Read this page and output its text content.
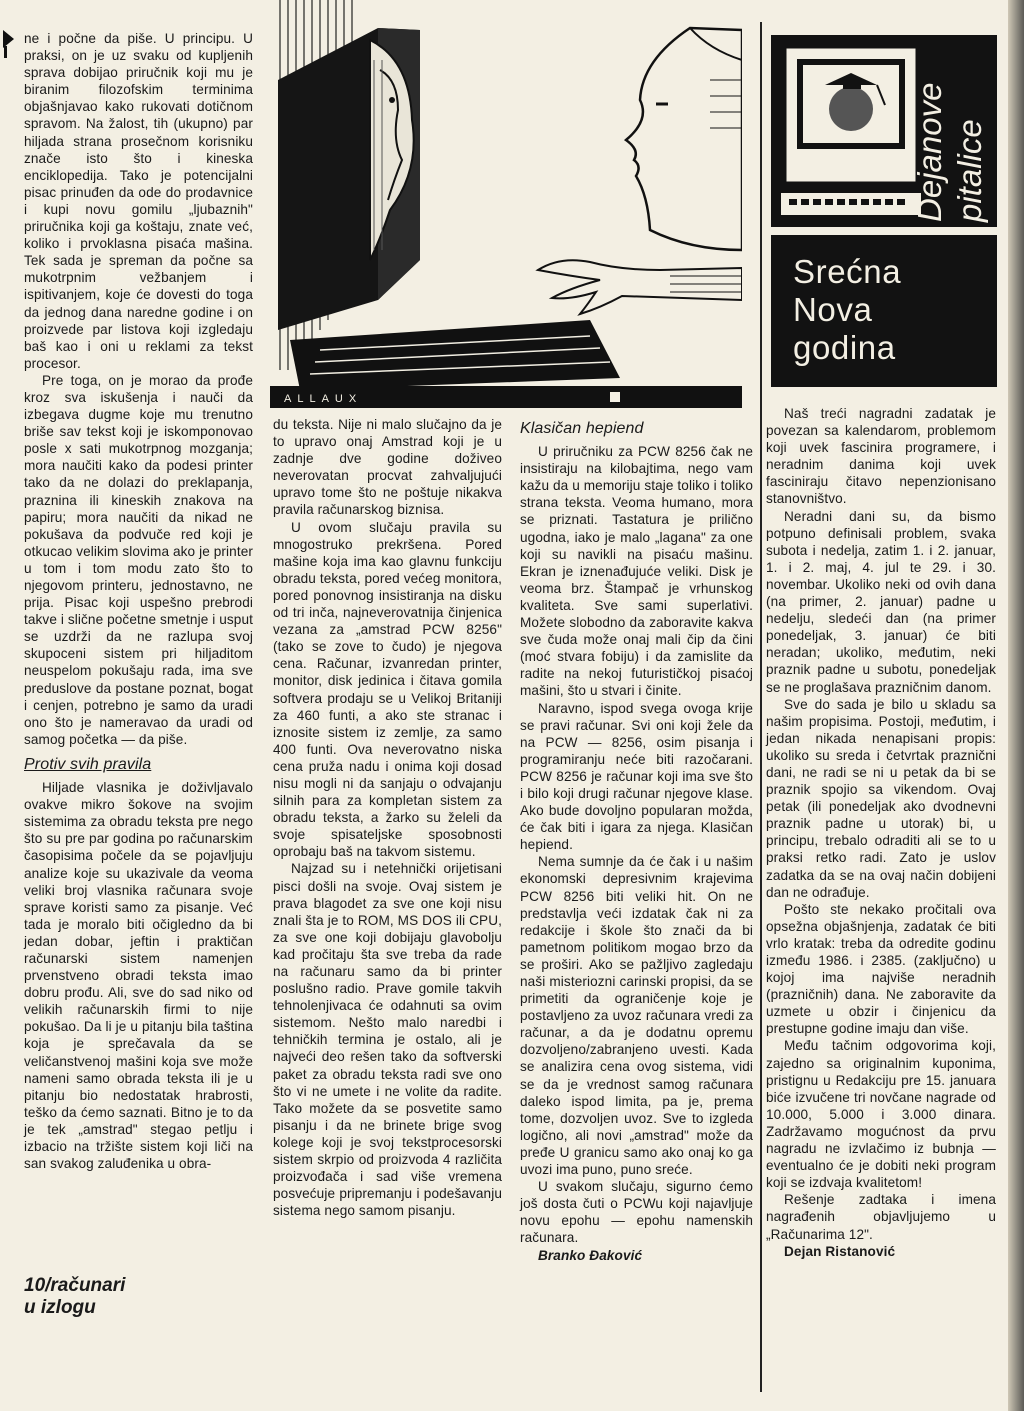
ALLAUX

ne i počne da piše. U principu. U praksi, on je uz svaku od kupljenih sprava dobijao priručnik koji mu je biranim filozofskim terminima objašnjavao kako rukovati dotičnom spravom. Na žalost, tih (ukupno) par hiljada strana prosečnom korisniku znače isto što i kineska enciklopedija. Tako je potencijalni pisac prinuđen da ode do prodavnice i kupi novu gomilu „ljubaznih" priručnika koji ga koštaju, znate već, koliko i prvoklasna pisaća mašina. Tek sada je spreman da počne sa mukotrpnim vežbanjem i ispitivanjem, koje će dovesti do toga da jednog dana naredne godine i on proizvede par listova koji izgledaju baš kao i oni u reklami za tekst procesor.

Pre toga, on je morao da prođe kroz sva iskušenja i nauči da izbegava dugme koje mu trenutno briše sav tekst koji je iskomponovao posle x sati mukotrpnog mozganja; mora naučiti kako da podesi printer tako da ne dolazi do preklapanja, praznina ili kineskih znakova na papiru; mora naučiti da nikad ne pokušava da podvuče red koji je otkucao velikim slovima ako je printer u tom i tom modu zato što to njegovom printeru, jednostavno, ne prija. Pisac koji uspešno prebrodi takve i slične početne smetnje i usput se uzdrži da ne razlupa svoj skupoceni sistem pri hiljaditom neuspelom pokušaju rada, ima sve preduslove da postane poznat, bogat i cenjen, potrebno je samo da uradi ono što je nameravao da uradi od samog početka — da piše.

Protiv svih pravila

Hiljade vlasnika je doživljavalo ovakve mikro šokove na svojim sistemima za obradu teksta pre nego što su pre par godina po računarskim časopisima počele da se pojavljuju analize koje su ukazivale da veoma veliki broj vlasnika računara svoje sprave koristi samo za pisanje. Već tada je moralo biti očigledno da bi jedan dobar, jeftin i praktičan računarski sistem namenjen prvenstveno obradi teksta imao dobru prođu. Ali, sve do sad niko od velikih računarskih firmi to nije pokušao. Da li je u pitanju bila taština koja je sprečavala da se veličanstvenoj mašini koja sve može nameni samo obrada teksta ili je u pitanju bio nedostatak hrabrosti, teško da ćemo saznati. Bitno je to da je tek „amstrad" stegao petlju i izbacio na tržište sistem koji liči na san svakog zaluđenika u obra-

10/računari
u izlogu

du teksta. Nije ni malo slučajno da je to upravo onaj Amstrad koji je u zadnje dve godine doživeo neverovatan procvat zahvaljujući upravo tome što ne poštuje nikakva pravila računarskog biznisa.

U ovom slučaju pravila su mnogostruko prekršena. Pored mašine koja ima kao glavnu funkciju obradu teksta, pored većeg monitora, pored ponovnog insistiranja na disku od tri inča, najneverovatnija činjenica vezana za „amstrad PCW 8256" (tako se zove to čudo) je njegova cena. Računar, izvanredan printer, monitor, disk jedinica i čitava gomila softvera prodaju se u Velikoj Britaniji za 460 funti, a ako ste stranac i iznosite sistem iz zemlje, za samo 400 funti. Ova neverovatno niska cena pruža nadu i onima koji dosad nisu mogli ni da sanjaju o odvajanju silnih para za kompletan sistem za obradu teksta, a žarko su želeli da svoje spisateljske sposobnosti oprobaju baš na takvom sistemu.

Najzad su i netehnički orijetisani pisci došli na svoje. Ovaj sistem je prava blagodet za sve one koji nisu znali šta je to ROM, MS DOS ili CPU, za sve one koji dobijaju glavobolju kad pročitaju šta sve treba da rade na računaru samo da bi printer poslušno radio. Prave gomile takvih tehnolenjivaca će odahnuti sa ovim sistemom. Nešto malo naredbi i tehničkih termina je ostalo, ali je najveći deo rešen tako da softverski paket za obradu teksta radi sve ono što vi ne umete i ne volite da radite. Tako možete da se posvetite samo pisanju i da ne brinete brige svog kolege koji je svoj tekstprocesorski sistem skrpio od proizvoda 4 različita proizvođača i sad više vremena posvećuje pripremanju i podešavanju sistema nego samom pisanju.

Klasičan hepiend

U priručniku za PCW 8256 čak ne insistiraju na kilobajtima, nego vam kažu da u memoriju staje toliko i toliko strana teksta. Veoma humano, mora se priznati. Tastatura je prilično ugodna, iako je malo „lagana" za one koji su navikli na pisaću mašinu. Ekran je iznenađujuće veliki. Disk je veoma brz. Štampač je vrhunskog kvaliteta. Sve sami superlativi. Možete slobodno da zaboravite kakva sve čuda može onaj mali čip da čini (moć stvara fobiju) i da zamislite da radite na nekoj futurističkoj pisaćoj mašini, što u stvari i činite.

Naravno, ispod svega ovoga krije se pravi računar. Svi oni koji žele da na PCW — 8256, osim pisanja i programiranju neće biti razočarani. PCW 8256 je računar koji ima sve što i bilo koji drugi računar njegove klase. Ako bude dovoljno popularan možda, će čak biti i igara za njega. Klasičan hepiend.

Nema sumnje da će čak i u našim ekonomski depresivnim krajevima PCW 8256 biti veliki hit. On ne predstavlja veći izdatak čak ni za redakcije i škole što znači da bi pametnom politikom mogao brzo da se proširi. Ako se pažljivo zagledaju naši misteriozni carinski propisi, da se primetiti da ograničenje koje je postavljeno za uvoz računara vredi za računar, a da je dodatnu opremu dozvoljeno/zabranjeno uvesti. Kada se analizira cena ovog sistema, vidi se da je vrednost samog računara daleko ispod limita, pa je, prema tome, dozvoljen uvoz. Sve to izgleda logično, ali novi „amstrad" može da pređe U granicu samo ako onaj ko ga uvozi ima puno, puno sreće.

U svakom slučaju, sigurno ćemo još dosta čuti o PCWu koji najavljuje novu epohu — epohu namenskih računara.

Branko Đaković

Dejanove pitalice
Srećna Nova godina

Naš treći nagradni zadatak je povezan sa kalendarom, problemom koji uvek fascinira programere, i neradnim danima koji uvek fasciniraju čitavo nepenzionisano stanovništvo.

Neradni dani su, da bismo potpuno definisali problem, svaka subota i nedelja, zatim 1. i 2. januar, 1. i 2. maj, 4. jul te 29. i 30. novembar. Ukoliko neki od ovih dana (na primer, 2. januar) padne u nedelju, sledeći dan (na primer ponedeljak, 3. januar) će biti neradan; ukoliko, međutim, neki praznik padne u subotu, ponedeljak se ne proglašava prazničnim danom.

Sve do sada je bilo u skladu sa našim propisima. Postoji, međutim, i jedan nikada nenapisani propis: ukoliko su sreda i četvrtak praznični dani, ne radi se ni u petak da bi se praznik spojio sa vikendom. Ovaj petak (ili ponedeljak ako dvodnevni praznik padne u utorak) bi, u principu, trebalo odraditi ali se to u praksi retko radi. Zato je uslov zadatka da se na ovaj način dobijeni dan ne odrađuje.

Pošto ste nekako pročitali ova opsežna objašnjenja, zadatak će biti vrlo kratak: treba da odredite godinu između 1986. i 2385. (zaključno) u kojoj ima najviše neradnih (prazničnih) dana. Ne zaboravite da uzmete u obzir i činjenicu da prestupne godine imaju dan više.

Među tačnim odgovorima koji, zajedno sa originalnim kuponima, pristignu u Redakciju pre 15. januara biće izvučene tri novčane nagrade od 10.000, 5.000 i 3.000 dinara. Zadržavamo mogućnost da prvu nagradu ne izvlačimo iz bubnja — eventualno će je dobiti neki program koji se izdvaja kvalitetom!

Rešenje zadtaka i imena nagrađenih objavljujemo u „Računarima 12".

Dejan Ristanović
